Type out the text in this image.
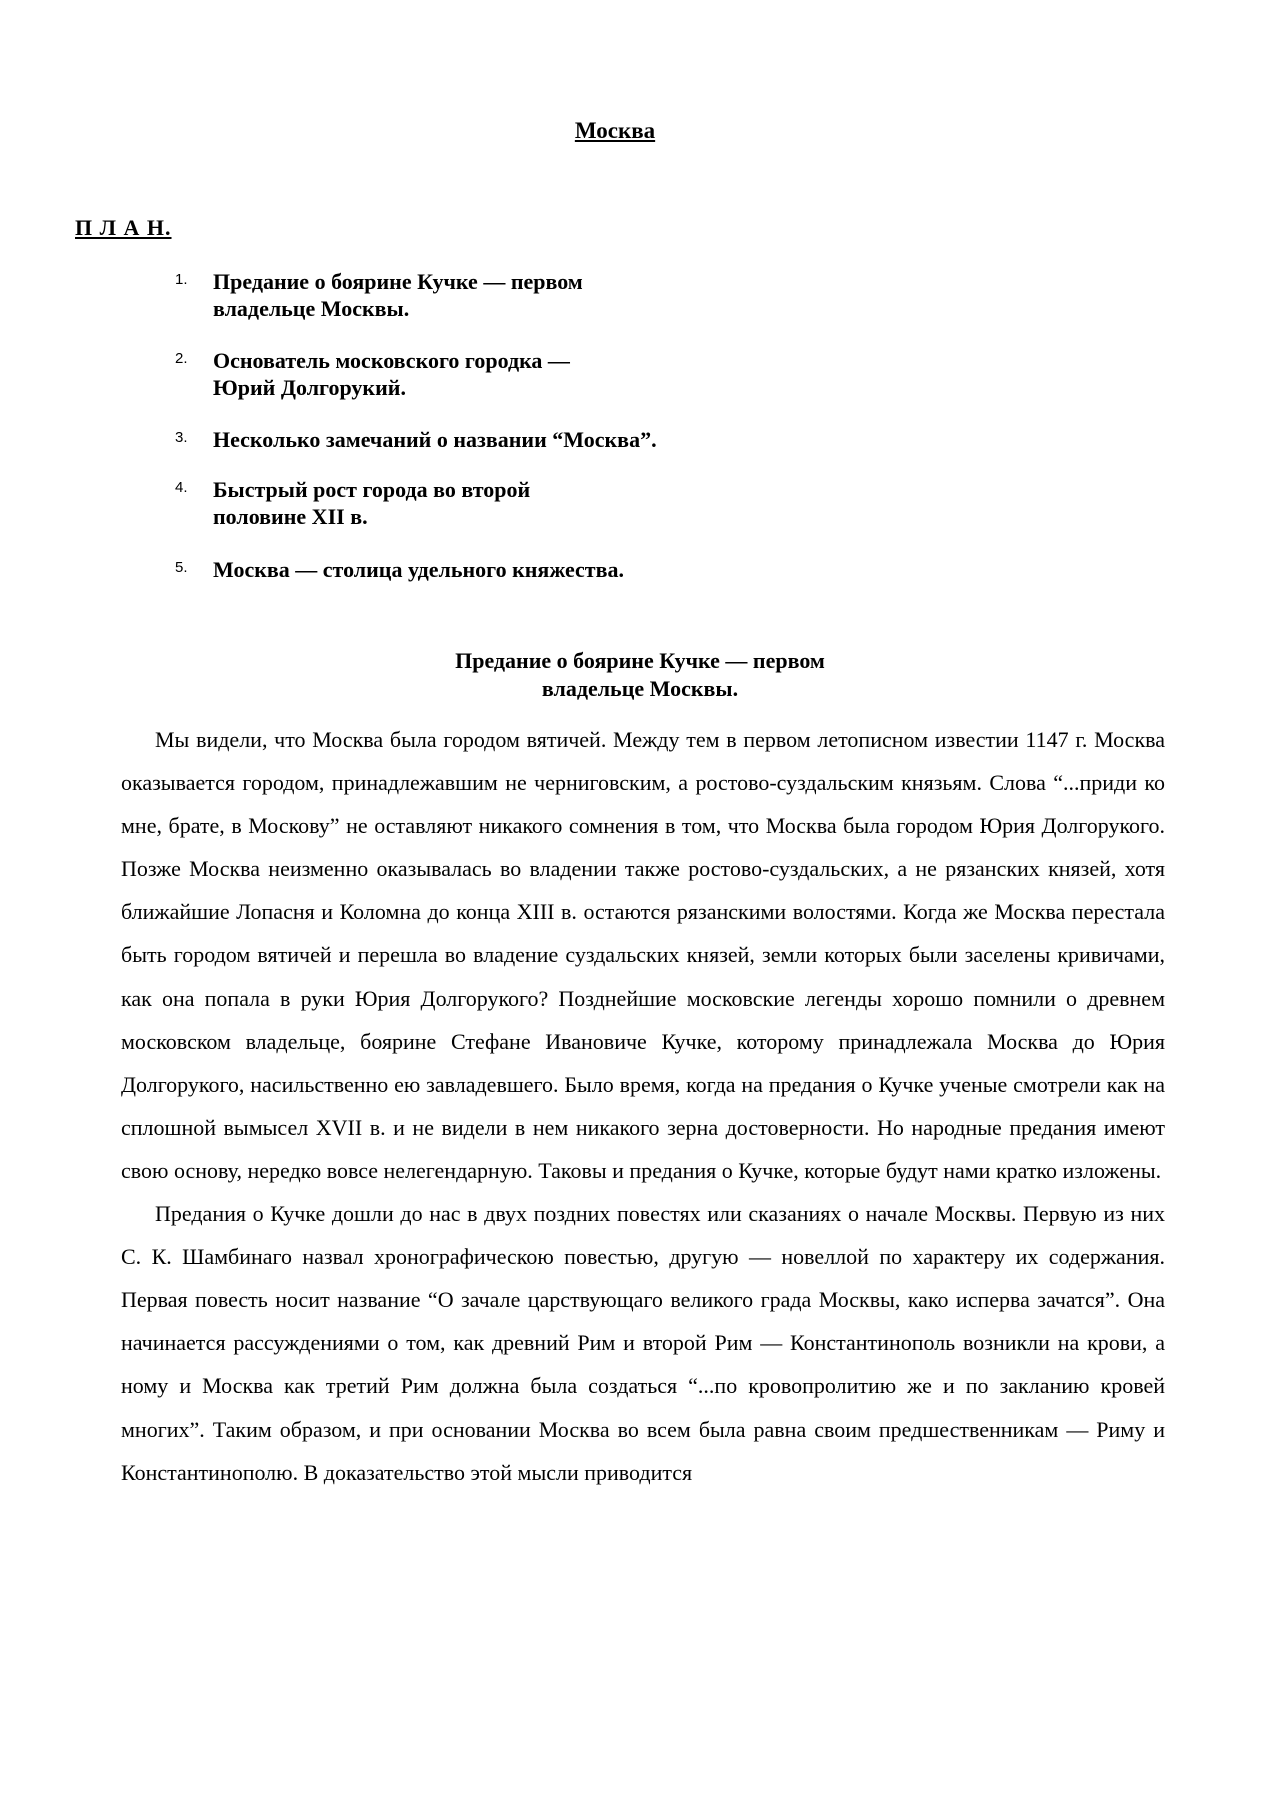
Москва
П Л А Н.
1. Предание о боярине Кучке — первом
владельце Москвы.
2. Основатель московского городка —
Юрий Долгорукий.
3. Несколько замечаний о названии “Москва”.
4. Быстрый рост города во второй
половине XII в.
5. Москва — столица удельного княжества.
Предание о боярине Кучке — первом
владельце Москвы.

Мы видели, что Москва была городом вятичей. Между тем в первом летописном известии 1147 г. Москва оказывается городом, принадлежавшим не черниговским, а ростово-суздальским князьям. Слова “...приди ко мне, брате, в Москову” не оставляют никакого сомнения в том, что Москва была городом Юрия Долгорукого. Позже Москва неизменно оказывалась во владении также ростово-суздальских, а не рязанских князей, хотя ближайшие Лопасня и Коломна до конца XIII в. остаются рязанскими волостями. Когда же Москва перестала быть городом вятичей и перешла во владение суздальских князей, земли которых были заселены кривичами, как она попала в руки Юрия Долгорукого? Позднейшие московские легенды хорошо помнили о древнем московском владельце, боярине Стефане Ивановиче Кучке, которому принадлежала Москва до Юрия Долгорукого, насильственно ею завладевшего. Было время, когда на предания о Кучке ученые смотрели как на сплошной вымысел XVII в. и не видели в нем никакого зерна достоверности. Но народные предания имеют свою основу, нередко вовсе нелегендарную. Таковы и предания о Кучке, которые будут нами кратко изложены.

Предания о Кучке дошли до нас в двух поздних повестях или сказаниях о начале Москвы. Первую из них С. К. Шамбинаго назвал хронографическою повестью, другую — новеллой по характеру их содержания. Первая повесть носит название “О зачале царствующаго великого града Москвы, како исперва зачатся”. Она начинается рассуждениями о том, как древний Рим и второй Рим — Константинополь возникли на крови, а ному и Москва как третий Рим должна была создаться “...по кровопролитию же и по закланию кровей многих”. Таким образом, и при основании Москва во всем была равна своим предшественникам — Риму и Константинополю. В доказательство этой мысли приводится
